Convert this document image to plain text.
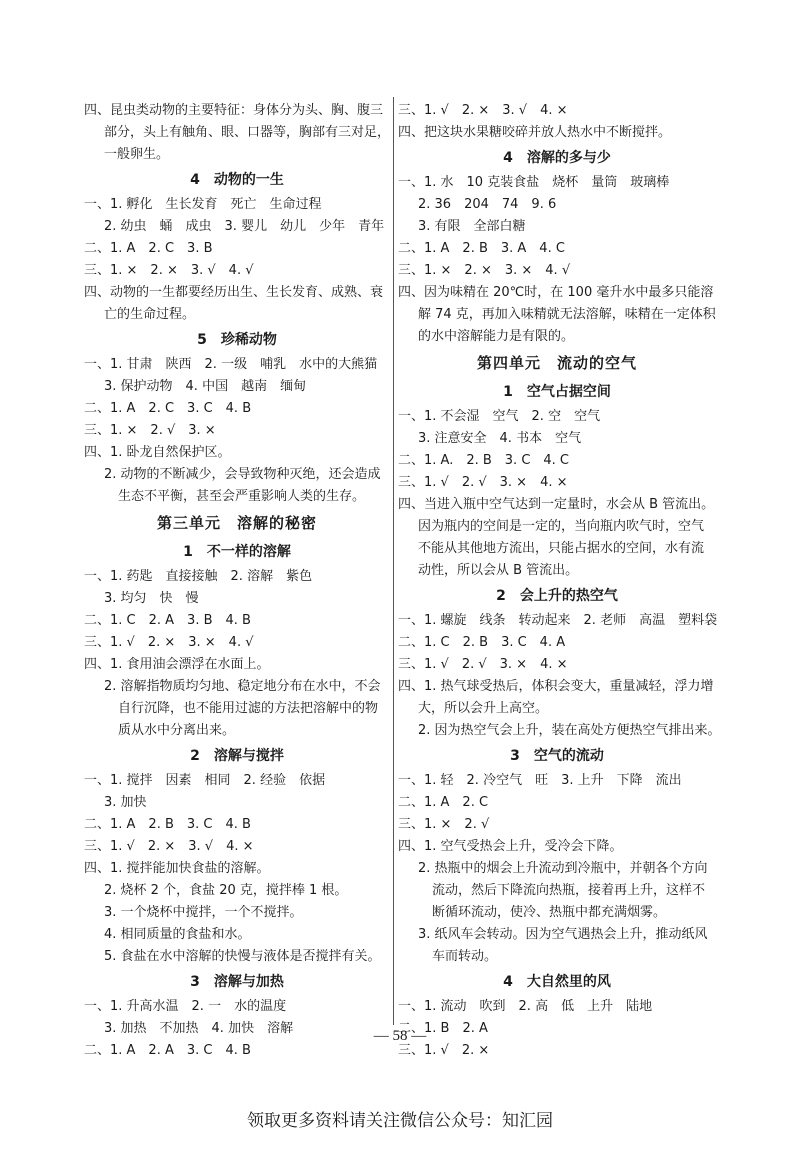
四、昆虫类动物的主要特征：身体分为头、胸、腹三部分，头上有触角、眼、口器等，胸部有三对足，一般卵生。
4　动物的一生
一、1. 孵化　生长发育　死亡　生命过程
2. 幼虫　蛹　成虫　3. 婴儿　幼儿　少年　青年
二、1. A　2. C　3. B
三、1. ×　2. ×　3. √　4. √
四、动物的一生都要经历出生、生长发育、成熟、衰亡的生命过程。
5　珍稀动物
一、1. 甘肃　陕西　2. 一级　哺乳　水中的大熊猫
3. 保护动物　4. 中国　越南　缅甸
二、1. A　2. C　3. C　4. B
三、1. ×　2. √　3. ×
四、1. 卧龙自然保护区。
2. 动物的不断减少，会导致物种灭绝，还会造成生态不平衡，甚至会严重影响人类的生存。
第三单元　溶解的秘密
1　不一样的溶解
一、1. 药匙　直接接触　2. 溶解　紫色
3. 均匀　快　慢
二、1. C　2. A　3. B　4. B
三、1. √　2. ×　3. ×　4. √
四、1. 食用油会漂浮在水面上。
2. 溶解指物质均匀地、稳定地分布在水中，不会自行沉降，也不能用过滤的方法把溶解中的物质从水中分离出来。
2　溶解与搅拌
一、1. 搅拌　因素　相同　2. 经验　依据
3. 加快
二、1. A　2. B　3. C　4. B
三、1. √　2. ×　3. √　4. ×
四、1. 搅拌能加快食盐的溶解。
2. 烧杯 2 个，食盐 20 克，搅拌棒 1 根。
3. 一个烧杯中搅拌，一个不搅拌。
4. 相同质量的食盐和水。
5. 食盐在水中溶解的快慢与液体是否搅拌有关。
3　溶解与加热
一、1. 升高水温　2. 一　水的温度
3. 加热　不加热　4. 加快　溶解
二、1. A　2. A　3. C　4. B
三、1. √　2. ×　3. √　4. ×
四、把这块水果糖咬碎并放人热水中不断搅拌。
4　溶解的多与少
一、1. 水　10 克装食盐　烧杯　量筒　玻璃棒
2. 36　204　74　9. 6
3. 有限　全部白糖
二、1. A　2. B　3. A　4. C
三、1. ×　2. ×　3. ×　4. √
四、因为味精在 20℃时，在 100 毫升水中最多只能溶解 74 克，再加入味精就无法溶解，味精在一定体积的水中溶解能力是有限的。
第四单元　流动的空气
1　空气占据空间
一、1. 不会湿　空气　2. 空　空气
3. 注意安全　4. 书本　空气
二、1. A.　2. B　3. C　4. C
三、1. √　2. √　3. ×　4. ×
四、当进入瓶中空气达到一定量时，水会从 B 管流出。因为瓶内的空间是一定的，当向瓶内吹气时，空气不能从其他地方流出，只能占据水的空间，水有流动性，所以会从 B 管流出。
2　会上升的热空气
一、1. 螺旋　线条　转动起来　2. 老师　高温　塑料袋
二、1. C　2. B　3. C　4. A
三、1. √　2. √　3. ×　4. ×
四、1. 热气球受热后，体积会变大，重量减轻，浮力增大，所以会升上高空。
2. 因为热空气会上升，装在高处方便热空气排出来。
3　空气的流动
一、1. 轻　2. 冷空气　旺　3. 上升　下降　流出
二、1. A　2. C
三、1. ×　2. √
四、1. 空气受热会上升，受冷会下降。
2. 热瓶中的烟会上升流动到冷瓶中，并朝各个方向流动，然后下降流向热瓶，接着再上升，这样不断循环流动，使冷、热瓶中都充满烟雾。
3. 纸风车会转动。因为空气遇热会上升，推动纸风车而转动。
4　大自然里的风
一、1. 流动　吹到　2. 高　低　上升　陆地
二、1. B　2. A
三、1. √　2. ×
— 58 —
领取更多资料请关注微信公众号：知汇园
